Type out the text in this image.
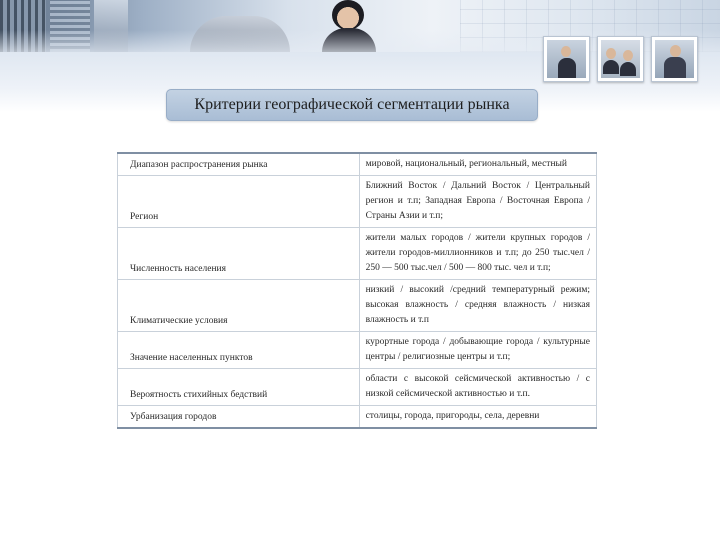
Критерии географической сегментации рынка
Диапазон распространения рынка	мировой, национальный, региональный, местный
Регион	Ближний Восток / Дальний Восток / Центральный регион и т.п; Западная Европа / Восточная Европа / Страны Азии и т.п;
Численность населения	жители малых городов / жители крупных городов / жители городов-миллионников и т.п; до 250 тыс.чел / 250 — 500 тыс.чел / 500 — 800 тыс. чел и т.п;
Климатические условия	низкий / высокий /средний температурный режим; высокая влажность / средняя влажность / низкая влажность и т.п
Значение населенных пунктов	курортные города / добывающие города / культурные центры / религиозные центры и т.п;
Вероятность стихийных бедствий	области с высокой сейсмической активностью / с низкой сейсмической активностью и т.п.
Урбанизация городов	столицы, города, пригороды, села, деревни
